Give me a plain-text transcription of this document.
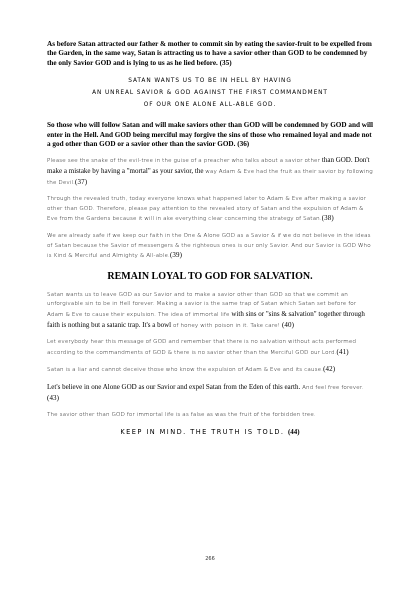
As before Satan attracted our father & mother to commit sin by eating the savior-fruit to be expelled from the Garden, in the same way, Satan is attracting us to have a savior other than GOD to be condemned by the only Savior GOD and is lying to us as he lied before. (35)

SATAN WANTS US TO BE IN HELL BY HAVING
AN UNREAL SAVIOR & GOD AGAINST THE FIRST COMMANDMENT
OF OUR ONE ALONE ALL-ABLE GOD.

So those who will follow Satan and will make saviors other than GOD will be condemned by GOD and will enter in the Hell. And GOD being merciful may forgive the sins of those who remained loyal and made not a god other than GOD or a savior other than the savior GOD. (36)

Please see the snake of the evil-tree in the guise of a preacher who talks about a savior other than GOD. Don't make a mistake by having a "mortal" as your savior, the way Adam & Eve had the fruit as their savior by following the Devil.(37)

Through the revealed truth, today everyone knows what happened later to Adam & Eve after making a savior other than GOD. Therefore, please pay attention to the revealed story of Satan and the expulsion of Adam & Eve from the Gardens because it will in ake everything clear concerning the strategy of Satan.(38)

We are already safe if we keep our faith in the One & Alone GOD as a Savior & if we do not believe in the ideas of Satan because the Savior of messengers & the righteous ones is our only Savior. And our Savior is GOD Who is Kind & Merciful and Almighty & All-able.(39)

REMAIN LOYAL TO GOD FOR SALVATION.

Satan wants us to leave GOD as our Savior and to make a savior other than GOD so that we commit an unforgivable sin to be in Hell forever. Making a savior is the same trap of Satan which Satan set before for Adam & Eve to cause their expulsion. The idea of immortal life with sins or "sins & salvation" together through faith is nothing but a satanic trap. It's a bowl of honey with poison in it. Take care! (40)

Let everybody hear this message of GOD and remember that there is no salvation without acts performed according to the commandments of GOD & there is no savior other than the Merciful GOD our Lord.(41)

Satan is a liar and cannot deceive those who know the expulsion of Adam & Eve and its cause.(42)

Let's believe in one Alone GOD as our Savior and expel Satan from the Eden of this earth. And feel free forever. (43)

The savior other than GOD for immortal life is as false as was the fruit of the forbidden tree.

KEEP IN MIND. THE TRUTH IS TOLD. (44)
266
